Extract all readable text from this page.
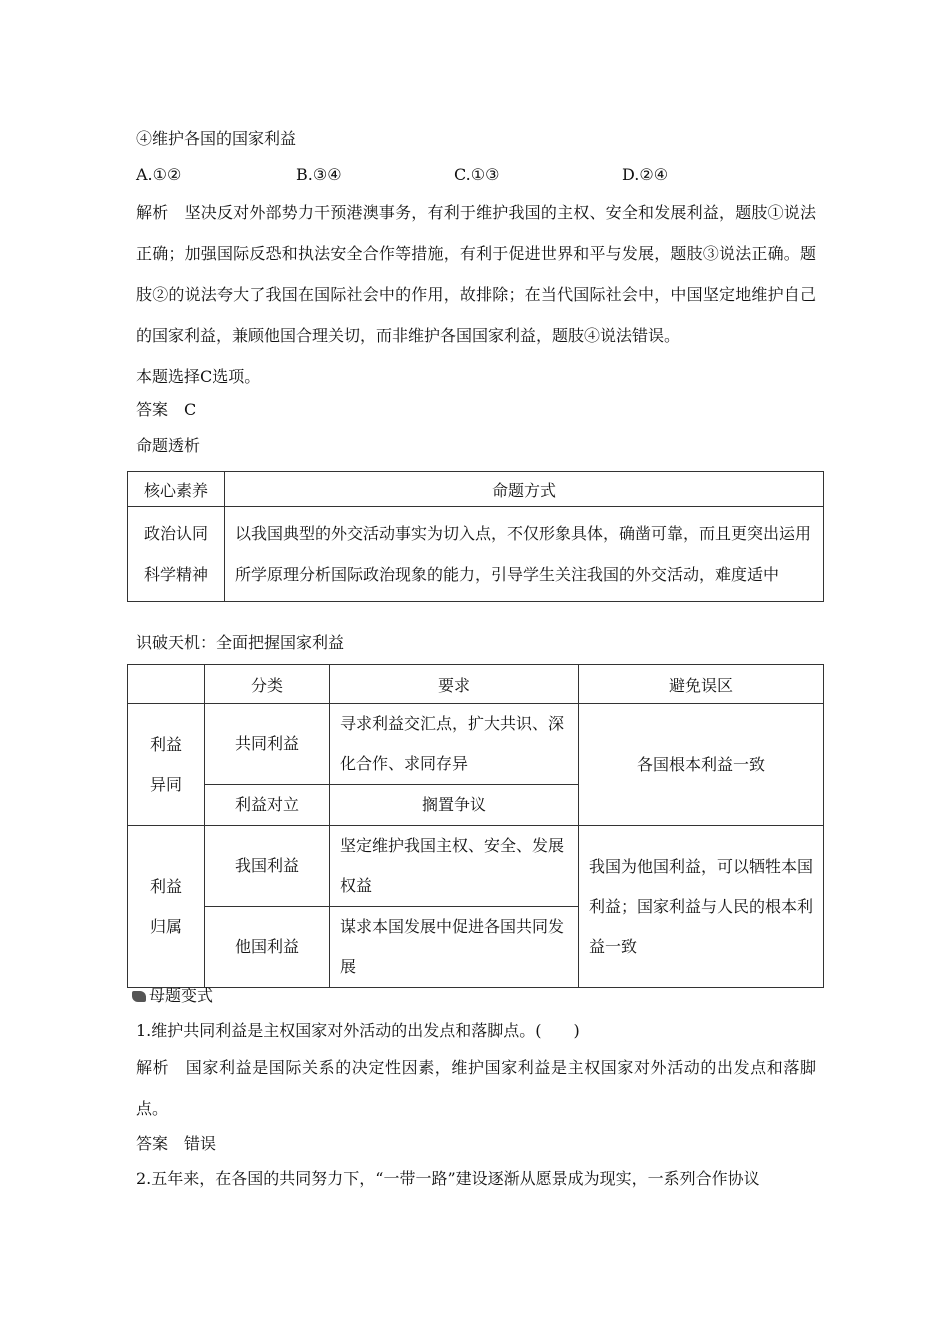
④维护各国的国家利益
A.①②	B.③④	C.①③	D.②④
解析　坚决反对外部势力干预港澳事务，有利于维护我国的主权、安全和发展利益，题肢①说法正确；加强国际反恐和执法安全合作等措施，有利于促进世界和平与发展，题肢③说法正确。题肢②的说法夸大了我国在国际社会中的作用，故排除；在当代国际社会中，中国坚定地维护自己的国家利益，兼顾他国合理关切，而非维护各国国家利益，题肢④说法错误。
本题选择C选项。
答案　C
命题透析
核心素养	命题方式

政治认同
科学精神	以我国典型的外交活动事实为切入点，不仅形象具体，确凿可靠，而且更突出运用所学原理分析国际政治现象的能力，引导学生关注我国的外交活动，难度适中
识破天机：全面把握国家利益
	分类	要求	避免误区

利益
异同	共同利益	寻求利益交汇点，扩大共识、深化合作、求同存异	各国根本利益一致
	利益对立	搁置争议	

利益
归属	我国利益	坚定维护我国主权、安全、发展权益	我国为他国利益，可以牺牲本国利益；国家利益与人民的根本利益一致
	他国利益	谋求本国发展中促进各国共同发展	
母题变式
1.维护共同利益是主权国家对外活动的出发点和落脚点。(　　)
解析　国家利益是国际关系的决定性因素，维护国家利益是主权国家对外活动的出发点和落脚点。
答案　错误
2.五年来，在各国的共同努力下，“一带一路”建设逐渐从愿景成为现实，一系列合作协议
